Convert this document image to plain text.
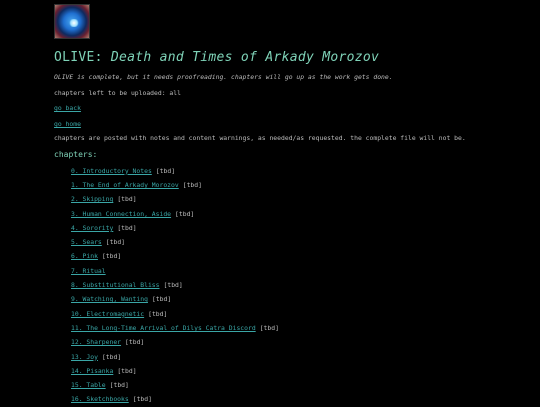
OLIVE: Death and Times of Arkady Morozov
OLIVE is complete, but it needs proofreading. chapters will go up as the work gets done.
chapters left to be uploaded: all
go back
go home
chapters are posted with notes and content warnings, as needed/as requested. the complete file will not be.
chapters:
0. Introductory Notes [tbd]
1. The End of Arkady Morozov [tbd]
2. Skipping [tbd]
3. Human Connection, Aside [tbd]
4. Sorority [tbd]
5. Sears [tbd]
6. Pink [tbd]
7. Ritual
8. Substitutional Bliss [tbd]
9. Watching, Wanting [tbd]
10. Electromagnetic [tbd]
11. The Long-Time Arrival of Dilys Catra Discord [tbd]
12. Sharpener [tbd]
13. Joy [tbd]
14. Pisanka [tbd]
15. Table [tbd]
16. Sketchbooks [tbd]
